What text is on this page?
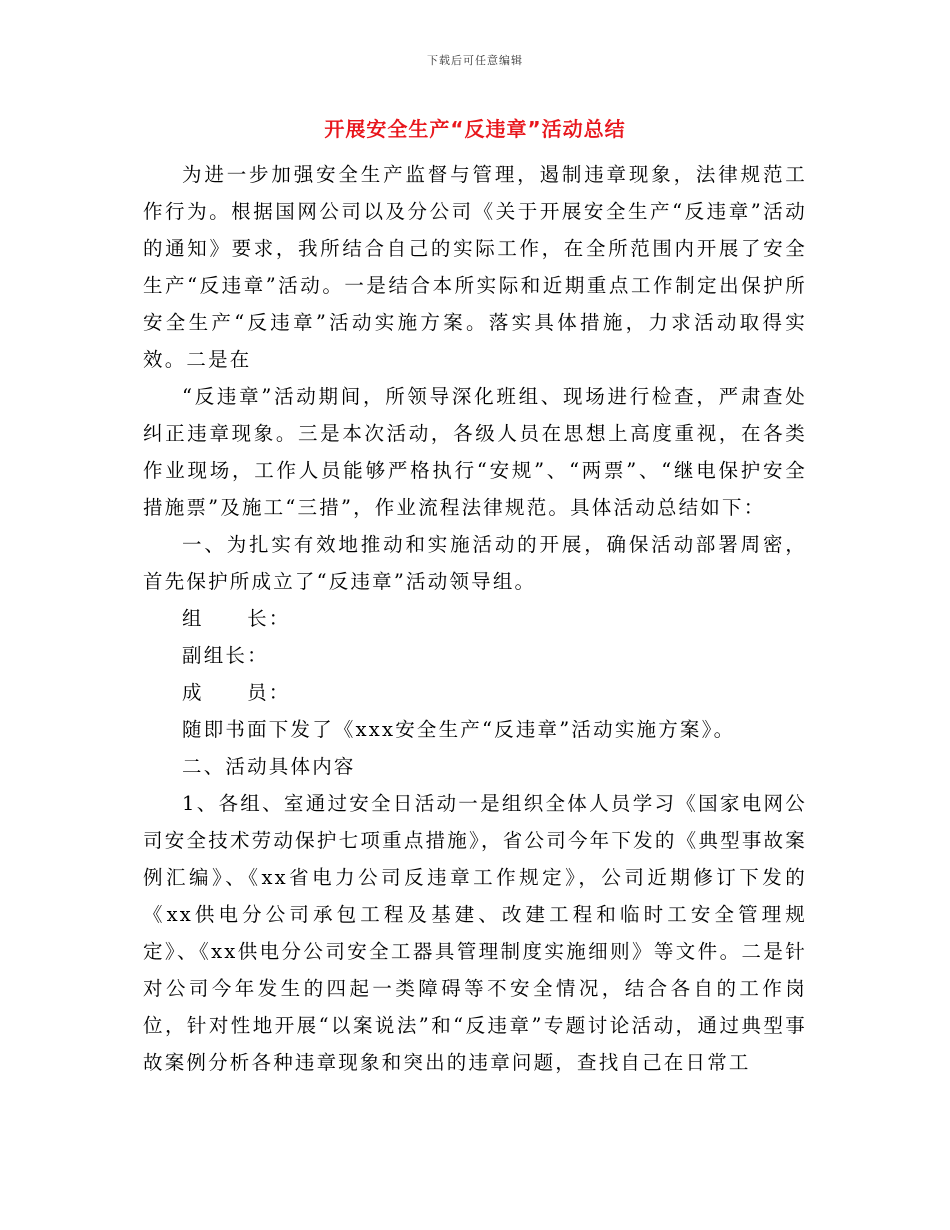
下载后可任意编辑
开展安全生产“反违章”活动总结

为进一步加强安全生产监督与管理，遏制违章现象，法律规范工作行为。根据国网公司以及分公司《关于开展安全生产“反违章”活动的通知》要求，我所结合自己的实际工作，在全所范围内开展了安全生产“反违章”活动。一是结合本所实际和近期重点工作制定出保护所安全生产“反违章”活动实施方案。落实具体措施，力求活动取得实效。二是在

“反违章”活动期间，所领导深化班组、现场进行检查，严肃查处纠正违章现象。三是本次活动，各级人员在思想上高度重视，在各类作业现场，工作人员能够严格执行“安规”、“两票”、“继电保护安全措施票”及施工“三措”，作业流程法律规范。具体活动总结如下：

一、为扎实有效地推动和实施活动的开展，确保活动部署周密，首先保护所成立了“反违章”活动领导组。

组　　长：

副组长：

成　　员：

随即书面下发了《xxx安全生产“反违章”活动实施方案》。

二、活动具体内容

1、各组、室通过安全日活动一是组织全体人员学习《国家电网公司安全技术劳动保护七项重点措施》，省公司今年下发的《典型事故案例汇编》、《xx省电力公司反违章工作规定》，公司近期修订下发的《xx供电分公司承包工程及基建、改建工程和临时工安全管理规定》、《xx供电分公司安全工器具管理制度实施细则》等文件。二是针对公司今年发生的四起一类障碍等不安全情况，结合各自的工作岗位，针对性地开展“以案说法”和“反违章”专题讨论活动，通过典型事故案例分析各种违章现象和突出的违章问题，查找自己在日常工
